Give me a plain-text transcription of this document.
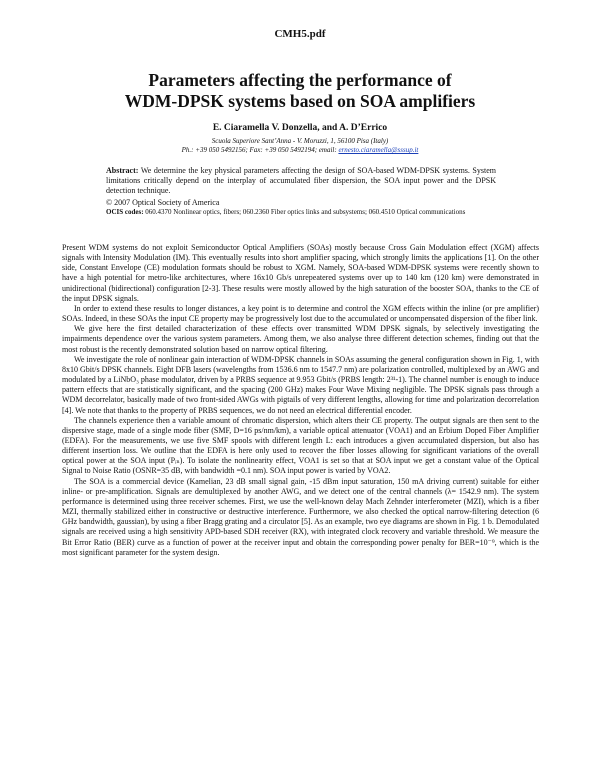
CMH5.pdf
Parameters affecting the performance of
WDM-DPSK systems based on SOA amplifiers
E. Ciaramella V. Donzella, and A. D’Errico
Scuola Superiore Sant’Anna - V. Moruzzi, 1, 56100 Pisa (Italy)
Ph.: +39 050 5492156; Fax: +39 050 5492194; email: ernesto.ciaramella@sssup.it
Abstract: We determine the key physical parameters affecting the design of SOA-based WDM-DPSK systems. System limitations critically depend on the interplay of accumulated fiber dispersion, the SOA input power and the DPSK detection technique.
© 2007 Optical Society of America
OCIS codes: 060.4370 Nonlinear optics, fibers; 060.2360 Fiber optics links and subsystems; 060.4510 Optical communications

Present WDM systems do not exploit Semiconductor Optical Amplifiers (SOAs) mostly because Cross Gain Modulation effect (XGM) affects signals with Intensity Modulation (IM). This eventually results into short amplifier spacing, which strongly limits the applications [1]. On the other side, Constant Envelope (CE) modulation formats should be robust to XGM. Namely, SOA-based WDM-DPSK systems were recently shown to have a high potential for metro-like architectures, where 16x10 Gb/s unrepeatered systems over up to 140 km (120 km) were demonstrated in unidirectional (bidirectional) configuration [2-3]. These results were mostly allowed by the high saturation of the booster SOA, thanks to the CE of the input DPSK signals.

In order to extend these results to longer distances, a key point is to determine and control the XGM effects within the inline (or pre amplifier) SOAs. Indeed, in these SOAs the input CE property may be progressively lost due to the accumulated or uncompensated dispersion of the fiber link.

We give here the first detailed characterization of these effects over transmitted WDM DPSK signals, by selectively investigating the impairments dependence over the various system parameters. Among them, we also analyse three different detection schemes, finding out that the most robust is the recently demonstrated solution based on narrow optical filtering.

We investigate the role of nonlinear gain interaction of WDM-DPSK channels in SOAs assuming the general configuration shown in Fig. 1, with 8x10 Gbit/s DPSK channels. Eight DFB lasers (wavelengths from 1536.6 nm to 1547.7 nm) are polarization controlled, multiplexed by an AWG and modulated by a LiNbO₃ phase modulator, driven by a PRBS sequence at 9.953 Gbit/s (PRBS length: 2³¹-1). The channel number is enough to induce pattern effects that are statistically significant, and the spacing (200 GHz) makes Four Wave Mixing negligible. The DPSK signals pass through a WDM decorrelator, basically made of two front-sided AWGs with pigtails of very different lengths, allowing for time and polarization decorrelation [4]. We note that thanks to the property of PRBS sequences, we do not need an electrical differential encoder.

The channels experience then a variable amount of chromatic dispersion, which alters their CE property. The output signals are then sent to the dispersive stage, made of a single mode fiber (SMF, D=16 ps/nm/km), a variable optical attenuator (VOA1) and an Erbium Doped Fiber Amplifier (EDFA). For the measurements, we use five SMF spools with different length L: each introduces a given accumulated dispersion, but also has different insertion loss. We outline that the EDFA is here only used to recover the fiber losses allowing for significant variations of the overall optical power at the SOA input (Pᵢₙ). To isolate the nonlinearity effect, VOA1 is set so that at SOA input we get a constant value of the Optical Signal to Noise Ratio (OSNR=35 dB, with bandwidth =0.1 nm). SOA input power is varied by VOA2.

The SOA is a commercial device (Kamelian, 23 dB small signal gain, -15 dBm input saturation, 150 mA driving current) suitable for either inline- or pre-amplification. Signals are demultiplexed by another AWG, and we detect one of the central channels (λ= 1542.9 nm). The system performance is determined using three receiver schemes. First, we use the well-known delay Mach Zehnder interferometer (MZI), which is a fiber MZI, thermally stabilized either in constructive or destructive interference. Furthermore, we also checked the optical narrow-filtering detection (6 GHz bandwidth, gaussian), by using a fiber Bragg grating and a circulator [5]. As an example, two eye diagrams are shown in Fig. 1 b. Demodulated signals are received using a high sensitivity APD-based SDH receiver (RX), with integrated clock recovery and variable threshold. We measure the Bit Error Ratio (BER) curve as a function of power at the receiver input and obtain the corresponding power penalty for BER=10⁻⁹, which is the most significant parameter for the system design.
